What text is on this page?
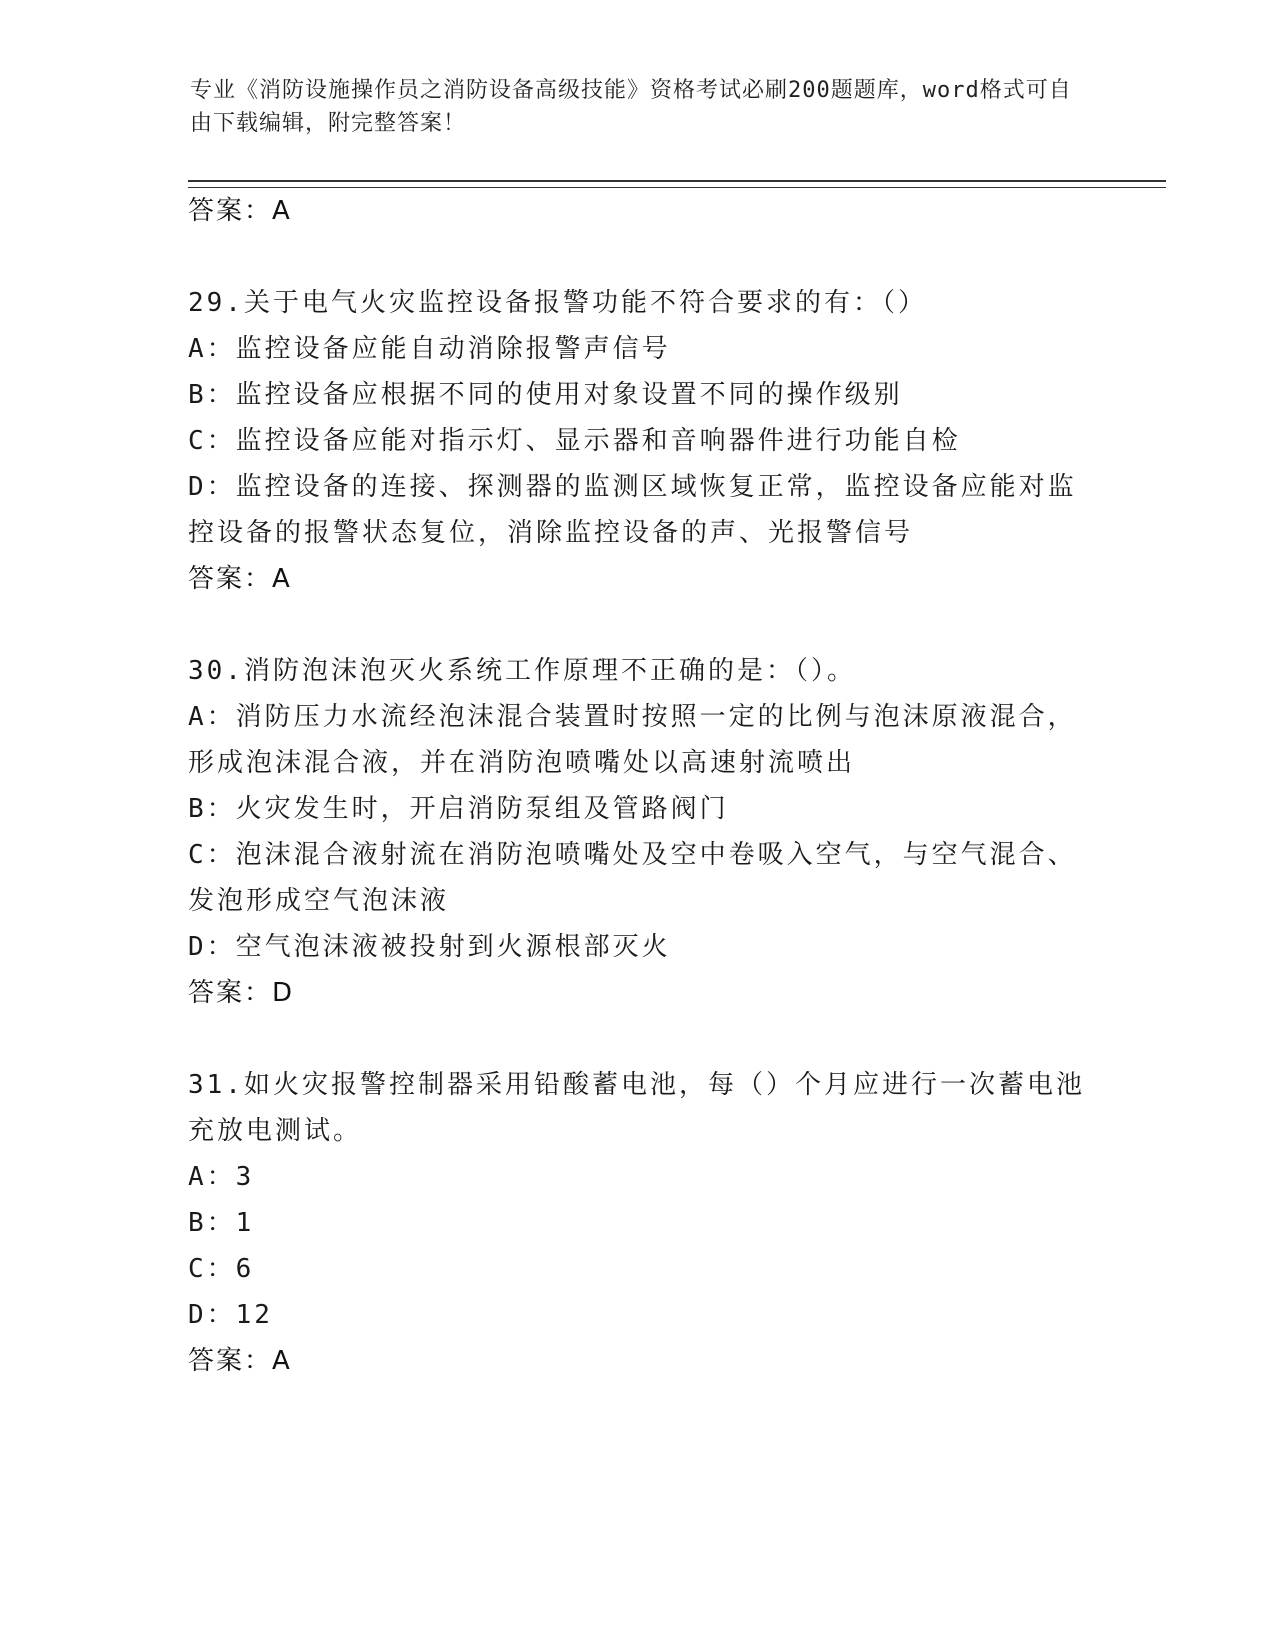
专业《消防设施操作员之消防设备高级技能》资格考试必刷200题题库，word格式可自由下载编辑，附完整答案！
答案：A
29.关于电气火灾监控设备报警功能不符合要求的有：（）
A：监控设备应能自动消除报警声信号
B：监控设备应根据不同的使用对象设置不同的操作级别
C：监控设备应能对指示灯、显示器和音响器件进行功能自检
D：监控设备的连接、探测器的监测区域恢复正常，监控设备应能对监控设备的报警状态复位，消除监控设备的声、光报警信号
答案：A
30.消防泡沫泡灭火系统工作原理不正确的是：（）。
A：消防压力水流经泡沫混合装置时按照一定的比例与泡沫原液混合，形成泡沫混合液，并在消防泡喷嘴处以高速射流喷出
B：火灾发生时，开启消防泵组及管路阀门
C：泡沫混合液射流在消防泡喷嘴处及空中卷吸入空气，与空气混合、发泡形成空气泡沫液
D：空气泡沫液被投射到火源根部灭火
答案：D
31.如火灾报警控制器采用铅酸蓄电池，每（）个月应进行一次蓄电池充放电测试。
A：3
B：1
C：6
D：12
答案：A
